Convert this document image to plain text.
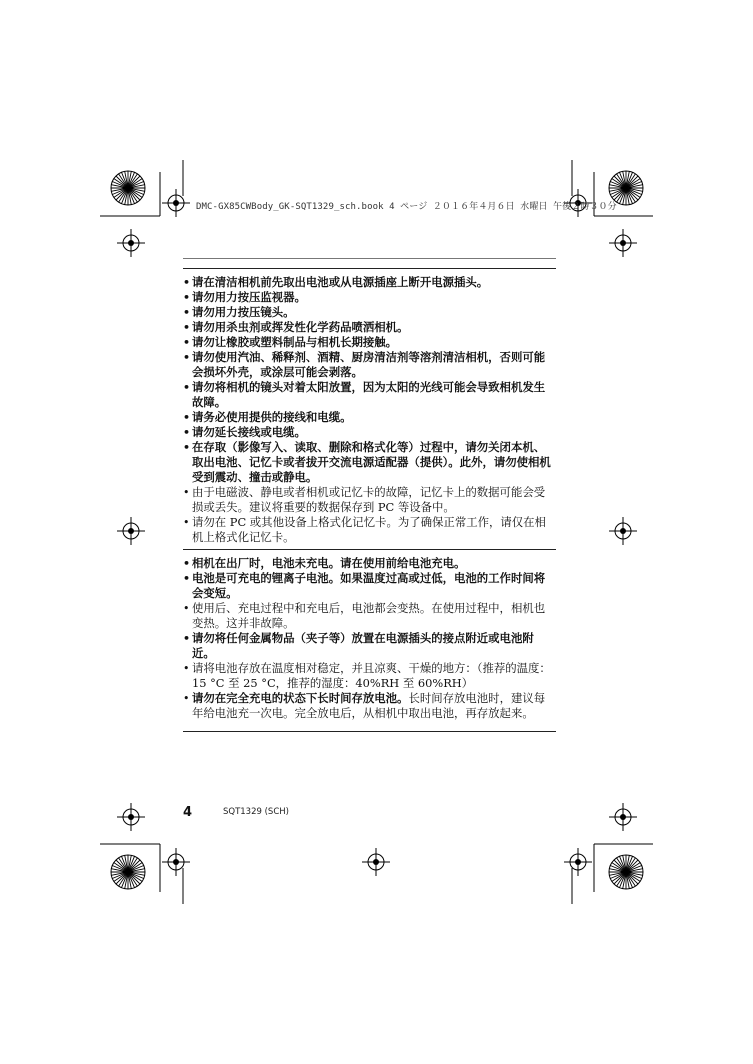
DMC-GX85CWBody_GK-SQT1329_sch.book 4 ページ ２０１６年４月６日 水曜日 午後２時３０分
• 请在清洁相机前先取出电池或从电源插座上断开电源插头。
• 请勿用力按压监视器。
• 请勿用力按压镜头。
• 请勿用杀虫剂或挥发性化学药品喷洒相机。
• 请勿让橡胶或塑料制品与相机长期接触。
• 请勿使用汽油、稀释剂、酒精、厨房清洁剂等溶剂清洁相机，否则可能会损坏外壳，或涂层可能会剥落。
• 请勿将相机的镜头对着太阳放置，因为太阳的光线可能会导致相机发生故障。
• 请务必使用提供的接线和电缆。
• 请勿延长接线或电缆。
• 在存取（影像写入、读取、删除和格式化等）过程中，请勿关闭本机、取出电池、记忆卡或者拔开交流电源适配器（提供）。此外，请勿使相机受到震动、撞击或静电。
• 由于电磁波、静电或者相机或记忆卡的故障，记忆卡上的数据可能会受损或丢失。建议将重要的数据保存到 PC 等设备中。
• 请勿在 PC 或其他设备上格式化记忆卡。为了确保正常工作，请仅在相机上格式化记忆卡。
• 相机在出厂时，电池未充电。请在使用前给电池充电。
• 电池是可充电的锂离子电池。如果温度过高或过低，电池的工作时间将会变短。
• 使用后、充电过程中和充电后，电池都会变热。在使用过程中，相机也变热。这并非故障。
• 请勿将任何金属物品（夹子等）放置在电源插头的接点附近或电池附近。
• 请将电池存放在温度相对稳定，并且凉爽、干燥的地方：（推荐的温度：15 °C 至 25 °C，推荐的湿度：40%RH 至 60%RH）
• 请勿在完全充电的状态下长时间存放电池。长时间存放电池时，建议每年给电池充一次电。完全放电后，从相机中取出电池，再存放起来。
4	SQT1329 (SCH)
